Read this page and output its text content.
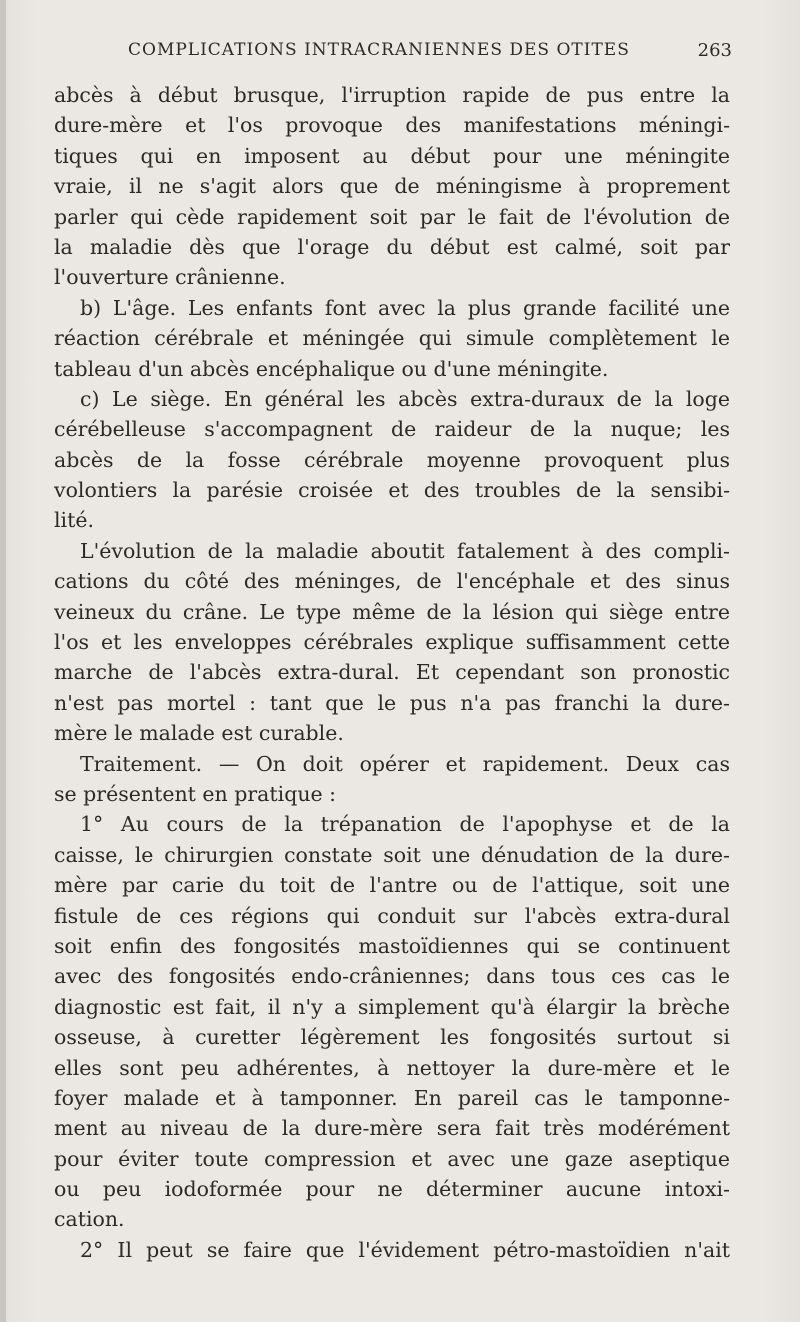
COMPLICATIONS INTRACRANIENNES DES OTITES	263
abcès à début brusque, l'irruption rapide de pus entre la
dure-mère et l'os provoque des manifestations méningi-
tiques qui en imposent au début pour une méningite
vraie, il ne s'agit alors que de méningisme à proprement
parler qui cède rapidement soit par le fait de l'évolution de
la maladie dès que l'orage du début est calmé, soit par
l'ouverture crânienne.
b) L'âge. Les enfants font avec la plus grande facilité une
réaction cérébrale et méningée qui simule complètement le
tableau d'un abcès encéphalique ou d'une méningite.
c) Le siège. En général les abcès extra-duraux de la loge
cérébelleuse s'accompagnent de raideur de la nuque; les
abcès de la fosse cérébrale moyenne provoquent plus
volontiers la parésie croisée et des troubles de la sensibi-
lité.
L'évolution de la maladie aboutit fatalement à des compli-
cations du côté des méninges, de l'encéphale et des sinus
veineux du crâne. Le type même de la lésion qui siège entre
l'os et les enveloppes cérébrales explique suffisamment cette
marche de l'abcès extra-dural. Et cependant son pronostic
n'est pas mortel : tant que le pus n'a pas franchi la dure-
mère le malade est curable.
Traitement. — On doit opérer et rapidement. Deux cas
se présentent en pratique :
1° Au cours de la trépanation de l'apophyse et de la
caisse, le chirurgien constate soit une dénudation de la dure-
mère par carie du toit de l'antre ou de l'attique, soit une
fistule de ces régions qui conduit sur l'abcès extra-dural
soit enfin des fongosités mastoïdiennes qui se continuent
avec des fongosités endo-crâniennes; dans tous ces cas le
diagnostic est fait, il n'y a simplement qu'à élargir la brèche
osseuse, à curetter légèrement les fongosités surtout si
elles sont peu adhérentes, à nettoyer la dure-mère et le
foyer malade et à tamponner. En pareil cas le tamponne-
ment au niveau de la dure-mère sera fait très modérément
pour éviter toute compression et avec une gaze aseptique
ou peu iodoformée pour ne déterminer aucune intoxi-
cation.
2° Il peut se faire que l'évidement pétro-mastoïdien n'ait
